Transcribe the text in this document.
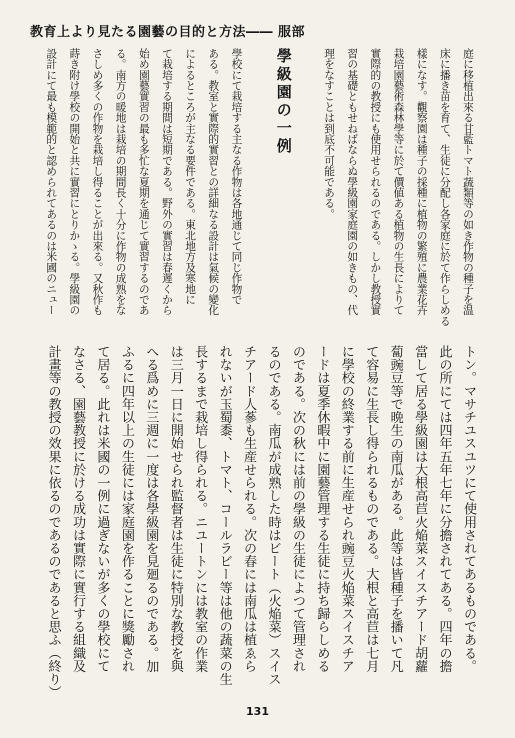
教育上より見たる園藝の目的と方法―― 服部
庭に移植出來る甘藍トマト蔬類等の如き作物の種子を温
床に播き苗を育て、生徒に分配し各家庭に於て作らしめる
樣になす。觀察園は種子の採種に植物の繁殖に農業花卉
栽培園藝術森林學等に於て價値ある植物の生長によりて
實際的の教授にも使用せられるのである。しかし教授實
習の基礎ともせねばならぬ學級園家庭園の如きもの、代
理をなすことは到底不可能である。
學級園の一例
學校にて栽培する主なる作物は各地通じて同じ作物で
ある。教室と實際的實習との詳細なる設計は氣候の變化
によるところが主なる要件である。東北地方及寒地に
て栽培する期間は短期である。野外の實習は春遲くから
始め園藝實習の最も多忙な夏期を通じて實習するのであ
る。南方の暖地は栽培の期間長く十分に作物の成熟をな
さしめ多くの作物を栽培し得ることが出來る。又秋作も
蒔き附け學校の開始と共に實習にとりかゝる。學級園の
設計にて最も模範的と認められてあるのは米國のニュー
トン。マサチユスユツにて使用されてあるものである。
此の所にては四年五年七年に分擔されてある。四年の擔
當して居る學級園は大根高苣火焔菜スイスチアード胡蘿
蔔豌豆等で晩生の南瓜がある。此等は皆種子を播いて凡
て容易に生長し得られるものである。大根と高苣は七月
に學校の終業する前に生産せられ豌豆火焔菜スイスチア
ードは夏季休暇中に園藝管理する生徒に持ち歸らしめる
のである。次の秋には前の學級の生徒によつて管理され
るのである。南瓜が成熟した時はビート（火焔菜）スイス
チアード人蔘も生産せられる。次の春には南瓜は植ゑら
れないが玉蜀黍、トマト、コールラビー等は他の蔬菜の生
長するまで栽培し得られる。ニユートンには教室の作業
は三月一日に開始せられ監督者は生徒に特別な教授を與
へる爲めに三週に一度は各學級園を見廻るのである。加
ふるに四年以上の生徒には家庭園を作ることに獎勵され
て居る。此れは米國の一例に過ぎないが多くの學校にて
なさる、園藝教授に於ける成功は實際に實行する組織及
計畫等の教授の效果に依るのであるのであると思ふ（終り）
131
